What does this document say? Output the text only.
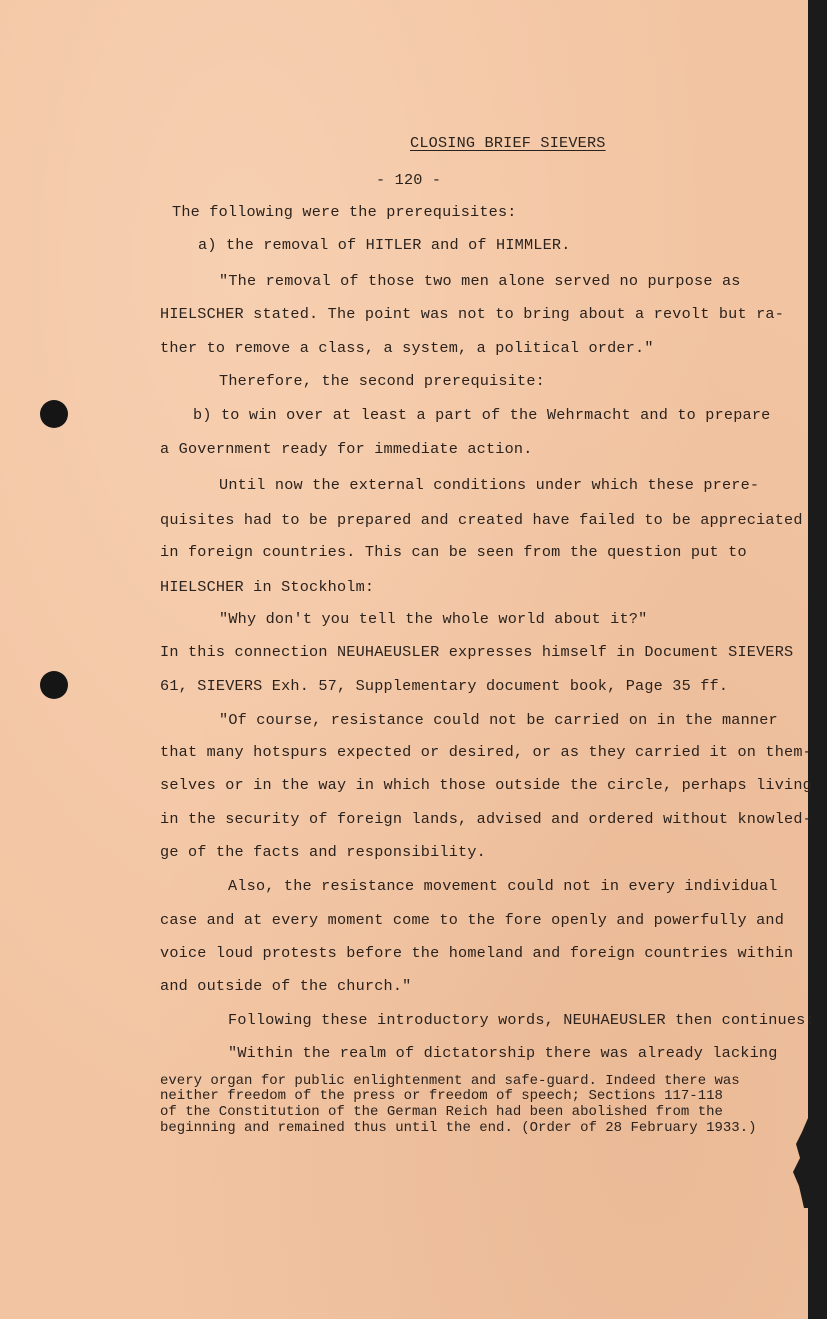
CLOSING BRIEF SIEVERS
- 120 -
The following were the prerequisites:
a) the removal of HITLER and of HIMMLER.
"The removal of those two men alone served no purpose as
HIELSCHER stated. The point was not to bring about a revolt but ra-
ther to remove a class, a system, a political order."
Therefore, the second prerequisite:
b) to win over at least a part of the Wehrmacht and to prepare
a Government ready for immediate action.
Until now the external conditions under which these prere-
quisites had to be prepared and created have failed to be appreciated
in foreign countries. This can be seen from the question put to
HIELSCHER in Stockholm:
"Why don't you tell the whole world about it?"
In this connection NEUHAEUSLER expresses himself in Document SIEVERS
61, SIEVERS Exh. 57, Supplementary document book, Page 35 ff.
"Of course, resistance could not be carried on in the manner
that many hotspurs expected or desired, or as they carried it on them-
selves or in the way in which those outside the circle, perhaps living
in the security of foreign lands, advised and ordered without knowled-
ge of the facts and responsibility.
Also, the resistance movement could not in every individual
case and at every moment come to the fore openly and powerfully and
voice loud protests before the homeland and foreign countries within
and outside of the church."
Following these introductory words, NEUHAEUSLER then continues:
"Within the realm of dictatorship there was already lacking
every organ for public enlightenment and safe-guard. Indeed there was
neither freedom of the press or freedom of speech; Sections 117-118
of the Constitution of the German Reich had been abolished from the
beginning and remained thus until the end. (Order of 28 February 1933.)
